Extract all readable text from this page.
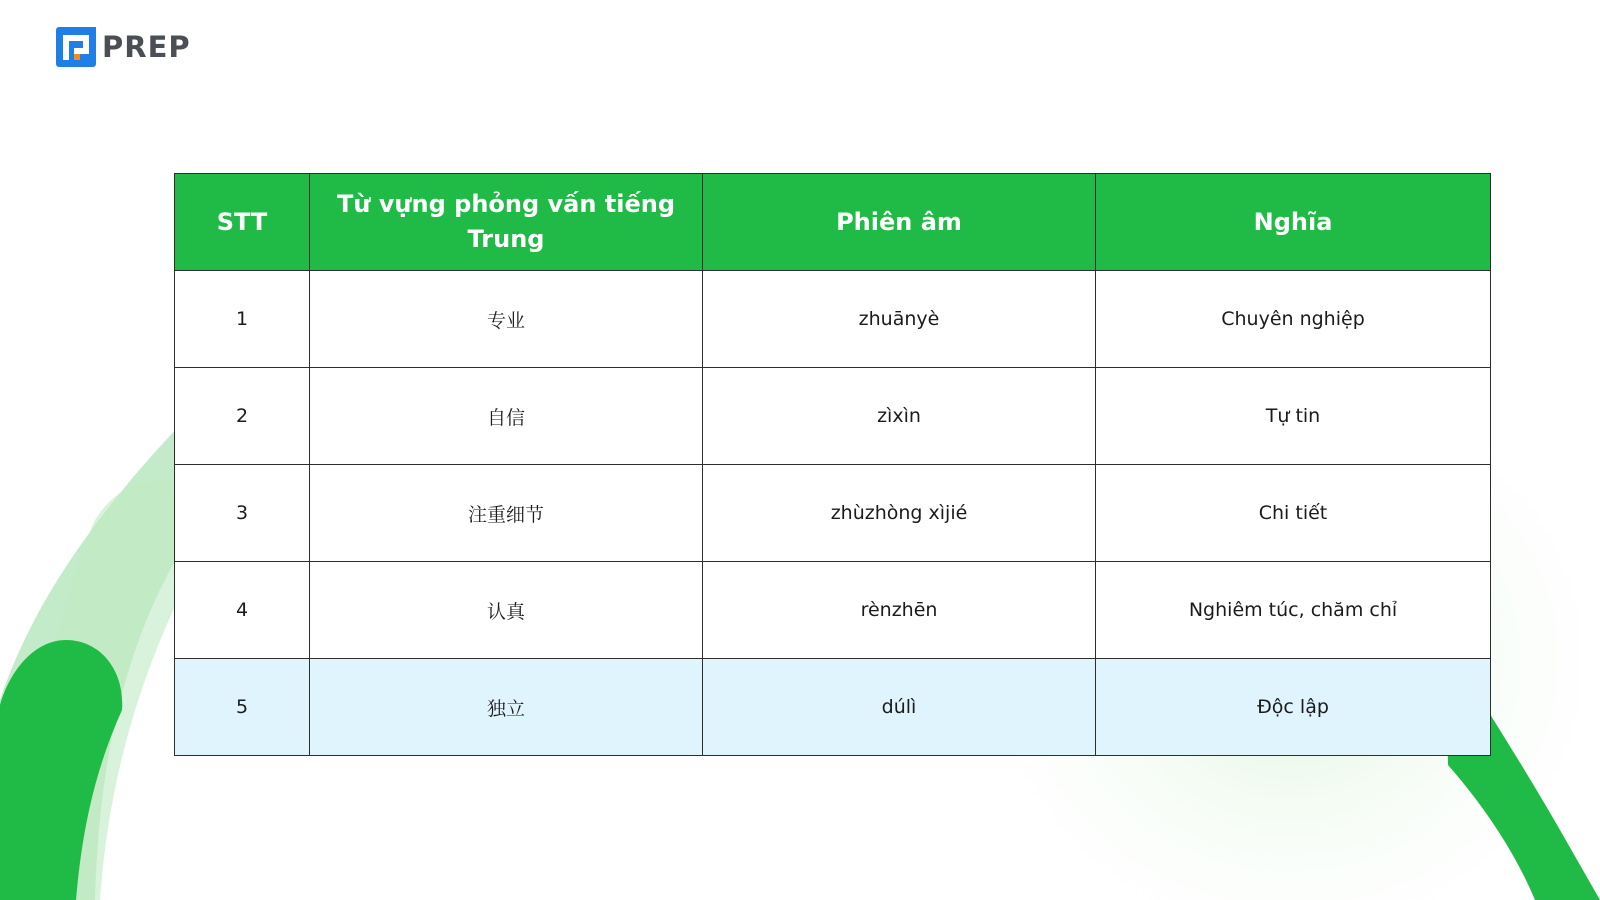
PREP
STT	Từ vựng phỏng vấn tiếng Trung	Phiên âm	Nghĩa
1	专业	zhuānyè	Chuyên nghiệp
2	自信	zìxìn	Tự tin
3	注重细节	zhùzhòng xìjié	Chi tiết
4	认真	rènzhēn	Nghiêm túc, chăm chỉ
5	独立	dúlì	Độc lập
